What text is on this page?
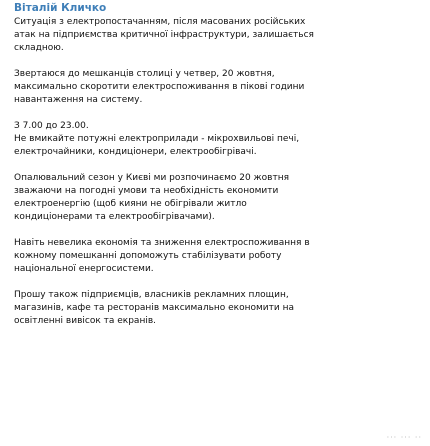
Віталій Кличко

Ситуація з електропостачанням, після масованих російських
атак на підприємства критичної інфраструктури, залишається
складною.

Звертаюся до мешканців столиці у четвер, 20 жовтня,
максимально скоротити електроспоживання в пікові години
навантаження на систему.

З 7.00 до 23.00.
Не вмикайте потужні електроприлади - мікрохвильові печі,
електрочайники, кондиціонери, електрообігрівачі.

Опалювальний сезон у Києві ми розпочинаємо 20 жовтня
зважаючи на погодні умови та необхідність економити
електроенергію (щоб кияни не обігрівали житло
кондиціонерами та електрообігрівачами).

Навіть невелика економія та зниження електроспоживання в
кожному помешканні допоможуть стабілізувати роботу
національної енергосистеми.

Прошу також підприємців, власників рекламних площин,
магазинів, кафе та ресторанів максимально економити на
освітленні вивісок та екранів.

··· ··· ··
